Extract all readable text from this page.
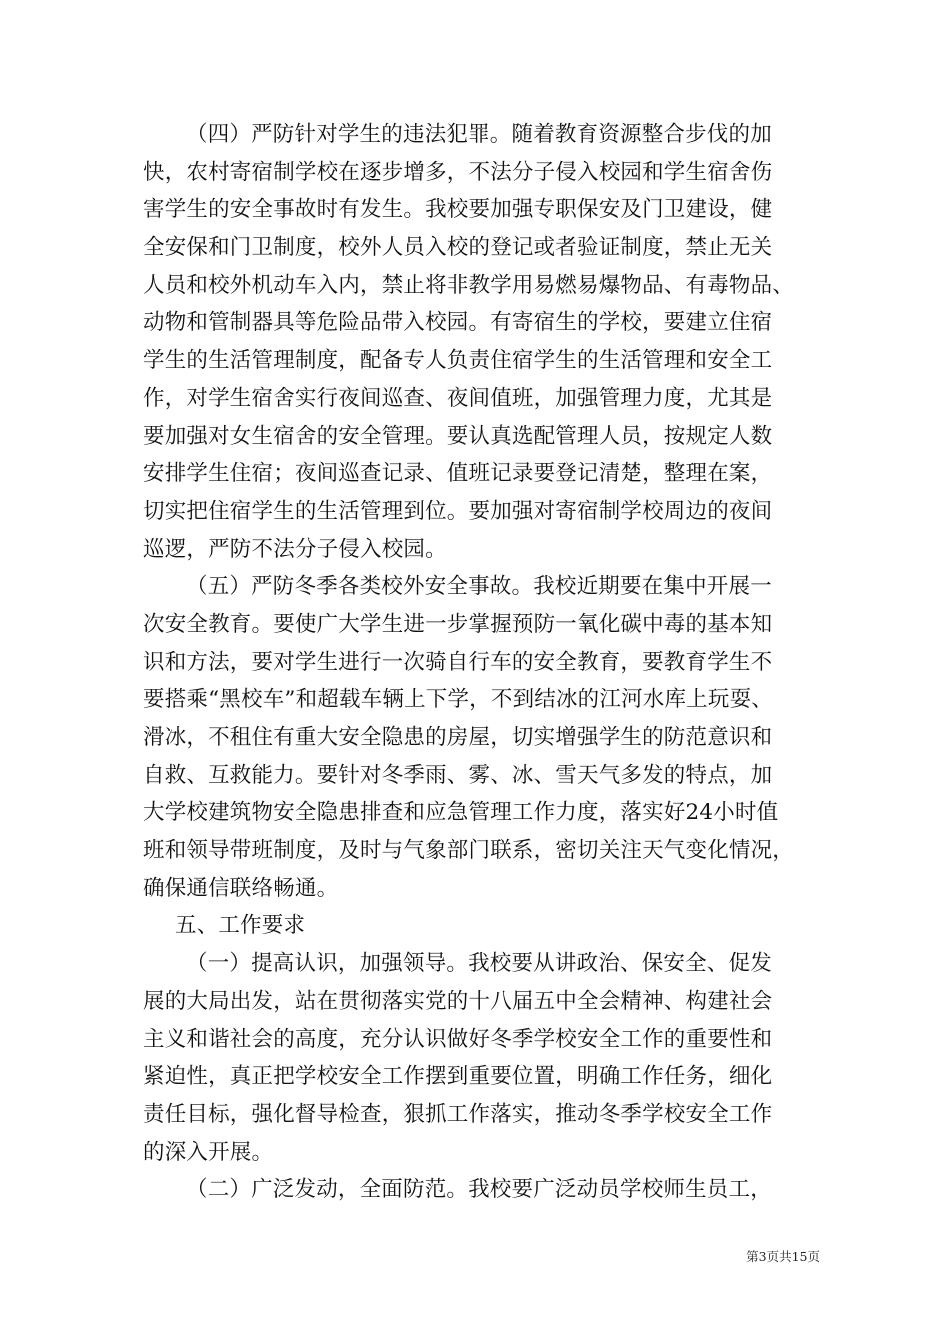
（四）严防针对学生的违法犯罪。随着教育资源整合步伐的加
快，农村寄宿制学校在逐步增多，不法分子侵入校园和学生宿舍伤
害学生的安全事故时有发生。我校要加强专职保安及门卫建设，健
全安保和门卫制度，校外人员入校的登记或者验证制度，禁止无关
人员和校外机动车入内，禁止将非教学用易燃易爆物品、有毒物品、
动物和管制器具等危险品带入校园。有寄宿生的学校，要建立住宿
学生的生活管理制度，配备专人负责住宿学生的生活管理和安全工
作，对学生宿舍实行夜间巡查、夜间值班，加强管理力度，尤其是
要加强对女生宿舍的安全管理。要认真选配管理人员，按规定人数
安排学生住宿；夜间巡查记录、值班记录要登记清楚，整理在案，
切实把住宿学生的生活管理到位。要加强对寄宿制学校周边的夜间
巡逻，严防不法分子侵入校园。
（五）严防冬季各类校外安全事故。我校近期要在集中开展一
次安全教育。要使广大学生进一步掌握预防一氧化碳中毒的基本知
识和方法，要对学生进行一次骑自行车的安全教育，要教育学生不
要搭乘“黑校车”和超载车辆上下学，不到结冰的江河水库上玩耍、
滑冰，不租住有重大安全隐患的房屋，切实增强学生的防范意识和
自救、互救能力。要针对冬季雨、雾、冰、雪天气多发的特点，加
大学校建筑物安全隐患排查和应急管理工作力度，落实好24小时值
班和领导带班制度，及时与气象部门联系，密切关注天气变化情况，
确保通信联络畅通。
五、工作要求
（一）提高认识，加强领导。我校要从讲政治、保安全、促发
展的大局出发，站在贯彻落实党的十八届五中全会精神、构建社会
主义和谐社会的高度，充分认识做好冬季学校安全工作的重要性和
紧迫性，真正把学校安全工作摆到重要位置，明确工作任务，细化
责任目标，强化督导检查，狠抓工作落实，推动冬季学校安全工作
的深入开展。
（二）广泛发动，全面防范。我校要广泛动员学校师生员工，
第3页共15页
